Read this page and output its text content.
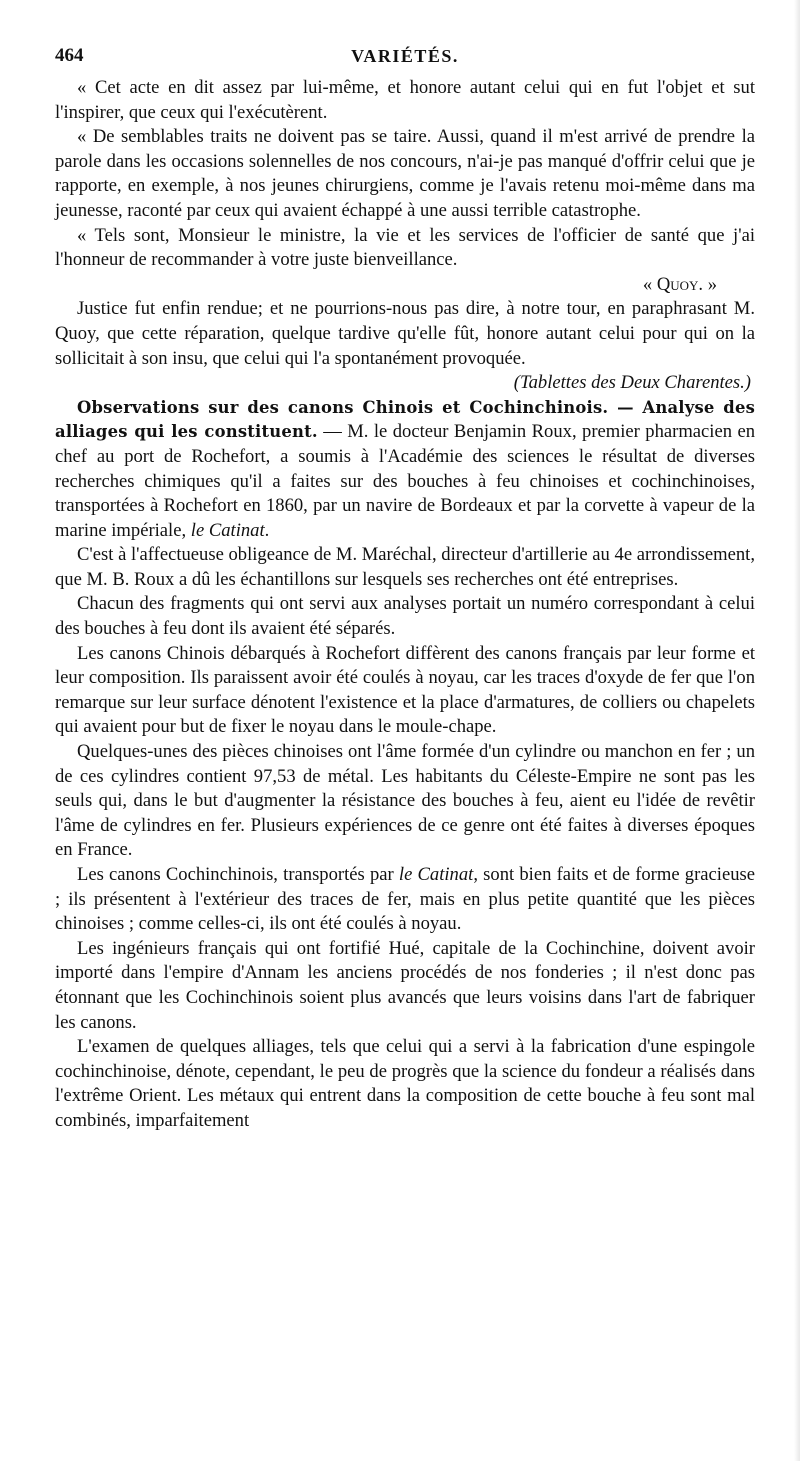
464	VARIÉTÉS.

« Cet acte en dit assez par lui-même, et honore autant celui qui en fut l'objet et sut l'inspirer, que ceux qui l'exécutèrent.

« De semblables traits ne doivent pas se taire. Aussi, quand il m'est arrivé de prendre la parole dans les occasions solennelles de nos concours, n'ai-je pas manqué d'offrir celui que je rapporte, en exemple, à nos jeunes chirurgiens, comme je l'avais retenu moi-même dans ma jeunesse, raconté par ceux qui avaient échappé à une aussi terrible catastrophe.

« Tels sont, Monsieur le ministre, la vie et les services de l'officier de santé que j'ai l'honneur de recommander à votre juste bienveillance.

« Quoy. »

Justice fut enfin rendue; et ne pourrions-nous pas dire, à notre tour, en paraphrasant M. Quoy, que cette réparation, quelque tardive qu'elle fût, honore autant celui pour qui on la sollicitait à son insu, que celui qui l'a spontanément provoquée.
(Tablettes des Deux Charentes.)

Observations sur des canons Chinois et Cochinchinois. — Analyse des alliages qui les constituent. — M. le docteur Benjamin Roux, premier pharmacien en chef au port de Rochefort, a soumis à l'Académie des sciences le résultat de diverses recherches chimiques qu'il a faites sur des bouches à feu chinoises et cochinchinoises, transportées à Rochefort en 1860, par un navire de Bordeaux et par la corvette à vapeur de la marine impériale, le Catinat.

C'est à l'affectueuse obligeance de M. Maréchal, directeur d'artillerie au 4e arrondissement, que M. B. Roux a dû les échantillons sur lesquels ses recherches ont été entreprises.

Chacun des fragments qui ont servi aux analyses portait un numéro correspondant à celui des bouches à feu dont ils avaient été séparés.

Les canons Chinois débarqués à Rochefort diffèrent des canons français par leur forme et leur composition. Ils paraissent avoir été coulés à noyau, car les traces d'oxyde de fer que l'on remarque sur leur surface dénotent l'existence et la place d'armatures, de colliers ou chapelets qui avaient pour but de fixer le noyau dans le moule-chape.

Quelques-unes des pièces chinoises ont l'âme formée d'un cylindre ou manchon en fer ; un de ces cylindres contient 97,53 de métal. Les habitants du Céleste-Empire ne sont pas les seuls qui, dans le but d'augmenter la résistance des bouches à feu, aient eu l'idée de revêtir l'âme de cylindres en fer. Plusieurs expériences de ce genre ont été faites à diverses époques en France.

Les canons Cochinchinois, transportés par le Catinat, sont bien faits et de forme gracieuse ; ils présentent à l'extérieur des traces de fer, mais en plus petite quantité que les pièces chinoises ; comme celles-ci, ils ont été coulés à noyau.

Les ingénieurs français qui ont fortifié Hué, capitale de la Cochinchine, doivent avoir importé dans l'empire d'Annam les anciens procédés de nos fonderies ; il n'est donc pas étonnant que les Cochinchinois soient plus avancés que leurs voisins dans l'art de fabriquer les canons.

L'examen de quelques alliages, tels que celui qui a servi à la fabrication d'une espingole cochinchinoise, dénote, cependant, le peu de progrès que la science du fondeur a réalisés dans l'extrême Orient. Les métaux qui entrent dans la composition de cette bouche à feu sont mal combinés, imparfaitement
